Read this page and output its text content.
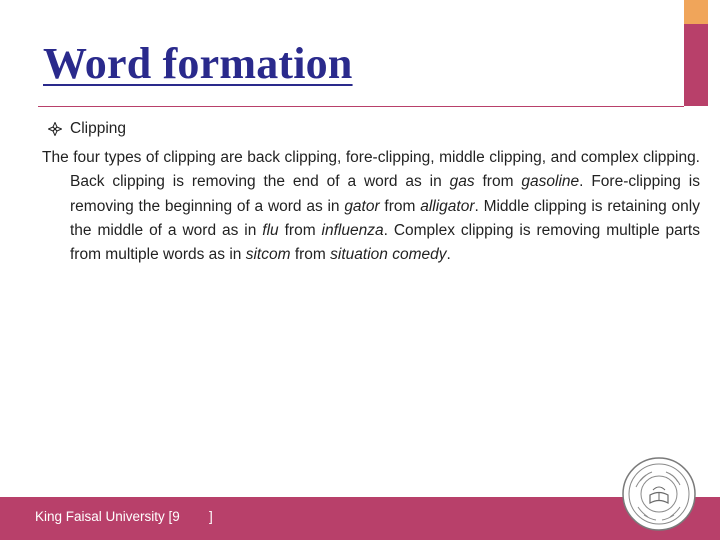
Word formation
Clipping
The four types of clipping are back clipping, fore-clipping, middle clipping, and complex clipping. Back clipping is removing the end of a word as in gas from gasoline. Fore-clipping is removing the beginning of a word as in gator from alligator. Middle clipping is retaining only the middle of a word as in flu from influenza. Complex clipping is removing multiple parts from multiple words as in sitcom from situation comedy.
King Faisal University [9 ]
